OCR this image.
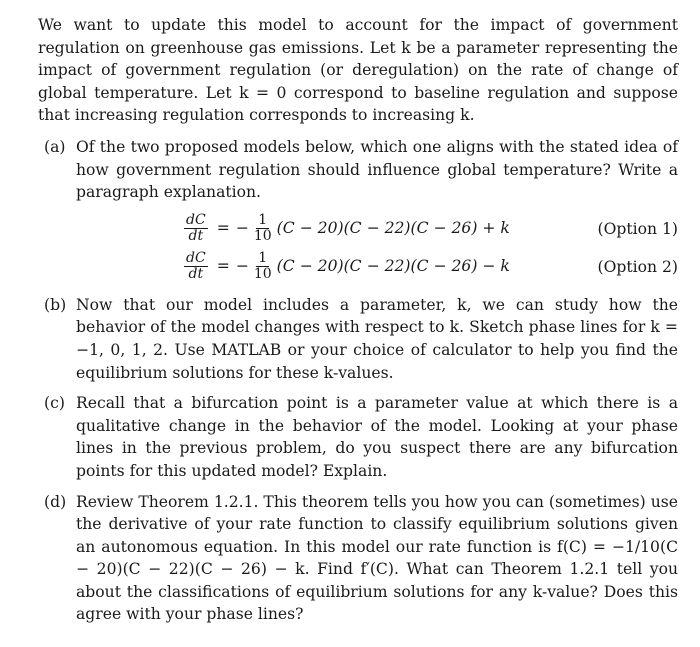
We want to update this model to account for the impact of government regulation on greenhouse gas emissions. Let k be a parameter representing the impact of government regulation (or deregulation) on the rate of change of global temperature. Let k = 0 correspond to baseline regulation and suppose that increasing regulation corresponds to increasing k.

(a) Of the two proposed models below, which one aligns with the stated idea of how government regulation should influence global temperature? Write a paragraph explanation.
$\frac{dC}{dt}$ = − $\frac{1}{10} (C - 20)(C - 22)(C - 26) + k$	(Option 1)
$\frac{dC}{dt}$ = − $\frac{1}{10} (C - 20)(C - 22)(C - 26) - k$	(Option 2)
(b) Now that our model includes a parameter, k, we can study how the behavior of the model changes with respect to k. Sketch phase lines for k = −1, 0, 1, 2. Use MATLAB or your choice of calculator to help you find the equilibrium solutions for these k-values.
(c) Recall that a bifurcation point is a parameter value at which there is a qualitative change in the behavior of the model. Looking at your phase lines in the previous problem, do you suspect there are any bifurcation points for this updated model? Explain.
(d) Review Theorem 1.2.1. This theorem tells you how you can (sometimes) use the derivative of your rate function to classify equilibrium solutions given an autonomous equation. In this model our rate function is f(C) = −1/10(C − 20)(C − 22)(C − 26) − k. Find f′(C). What can Theorem 1.2.1 tell you about the classifications of equilibrium solutions for any k-value? Does this agree with your phase lines?
